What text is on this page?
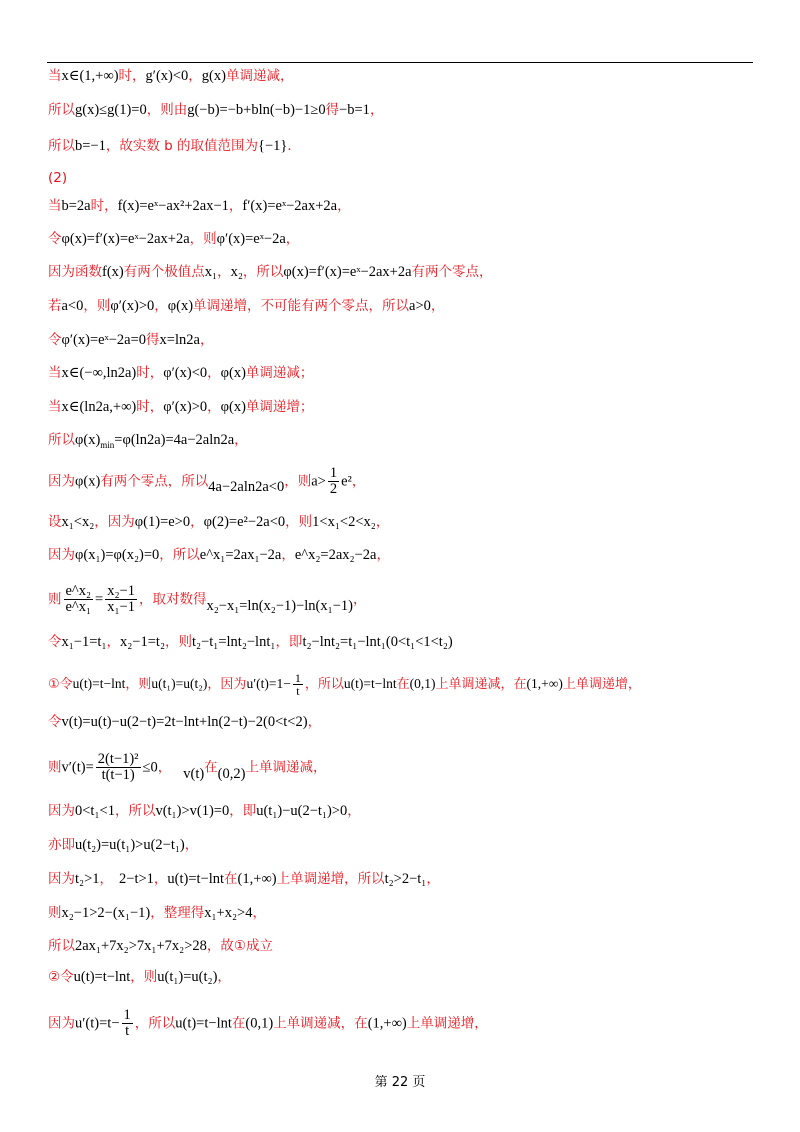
当x∈(1,+∞)时，g′(x)<0，g(x)单调递减，
所以g(x)≤g(1)=0，则由g(−b)=−b+bln(−b)−1≥0得−b=1，
所以b=−1，故实数 b 的取值范围为{−1}．
(2)
当b=2a时，f(x)=eˣ−ax²+2ax−1，f′(x)=eˣ−2ax+2a，
令φ(x)=f′(x)=eˣ−2ax+2a，则φ′(x)=eˣ−2a，
因为函数f(x)有两个极值点x₁，x₂，所以φ(x)=f′(x)=eˣ−2ax+2a有两个零点，
若a<0，则φ′(x)>0，φ(x)单调递增，不可能有两个零点，所以a>0，
令φ′(x)=eˣ−2a=0得x=ln2a，
当x∈(−∞,ln2a)时，φ′(x)<0，φ(x)单调递减；
当x∈(ln2a,+∞)时，φ′(x)>0，φ(x)单调递增；
所以$\varphi(x)_{min}=\varphi(\ln 2a)=4a-2aln2a$，
因为φ(x)有两个零点，所以4a−2aln2a<0，则$a> \frac{1}{2} e^2$，
设x₁<x₂，因为φ(1)=e>0，φ(2)=e²−2a<0，则1<x₁<2<x₂，
因为φ(x₁)=φ(x₂)=0，所以e^x₁=2ax₁−2a，e^x₂=2ax₂−2a，
则 $\frac{\text{e\textasciicircum{}x₂}}{\text{e\textasciicircum{}x₁}} = \frac{\text{x₂−1}}{\text{x₁−1}}$ ，取对数得x₂−x₁=ln(x₂−1)−ln(x₁−1)，
令x₁−1=t₁，x₂−1=t₂，则t₂−t₁=lnt₂−lnt₁，即t₂−lnt₂=t₁−lnt₁(0<t₁<1<t₂)
①令u(t)=t−lnt，则u(t₁)=u(t₂)，因为$u'(t)=1- \frac{1}{t}$ ，所以u(t)=t−lnt在(0,1)上单调递减，在(1,+∞)上单调递增，
令v(t)=u(t)−u(2−t)=2t−lnt+ln(2−t)−2(0<t<2)，
则$v'(t)= \frac{\text{2(t−1)²}}{t(t-1)} \le 0$， v(t)在(0,2)上单调递减，
因为0<t₁<1，所以v(t₁)>v(1)=0，即u(t₁)−u(2−t₁)>0，
亦即u(t₂)=u(t₁)>u(2−t₁)，
因为t₂>1， 2−t>1，u(t)=t−lnt在(1,+∞)上单调递增，所以t₂>2−t₁，
则x₂−1>2−(x₁−1)，整理得x₁+x₂>4，
所以2ax₁+7x₂>7x₁+7x₂>28，故①成立
②令u(t)=t−lnt，则u(t₁)=u(t₂)，
因为$u'(t)=t- \frac{1}{t}$ ，所以u(t)=t−lnt在(0,1)上单调递减，在(1,+∞)上单调递增，
第 22 页
